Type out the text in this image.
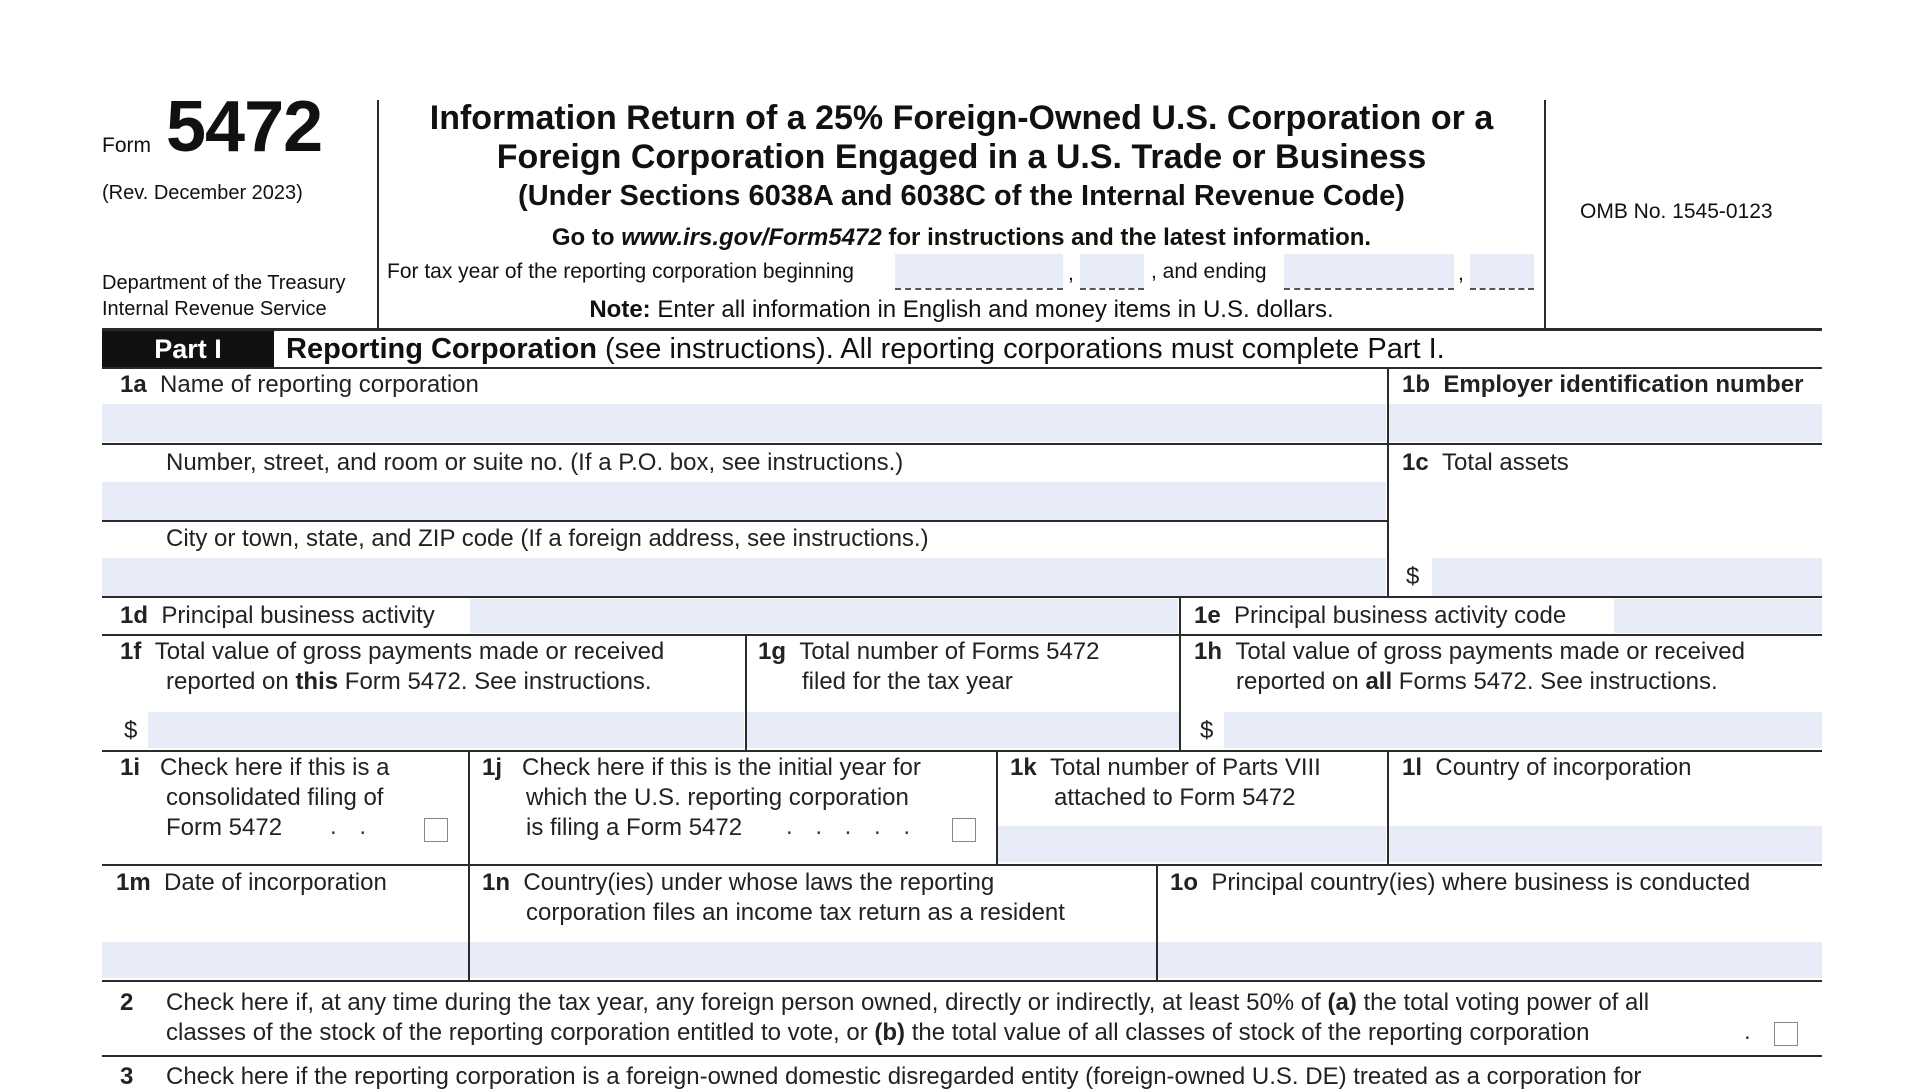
Form 5472
(Rev. December 2023)
Department of the Treasury
Internal Revenue Service
Information Return of a 25% Foreign-Owned U.S. Corporation or a
Foreign Corporation Engaged in a U.S. Trade or Business
(Under Sections 6038A and 6038C of the Internal Revenue Code)
Go to www.irs.gov/Form5472 for instructions and the latest information.
For tax year of the reporting corporation beginning	,	, and ending	,
Note: Enter all information in English and money items in U.S. dollars.
OMB No. 1545-0123
Part I	Reporting Corporation (see instructions). All reporting corporations must complete Part I.
1a Name of reporting corporation	1b Employer identification number
Number, street, and room or suite no. (If a P.O. box, see instructions.)	1c Total assets
$
City or town, state, and ZIP code (If a foreign address, see instructions.)
1d Principal business activity	1e Principal business activity code
1f Total value of gross payments made or received
reported on this Form 5472. See instructions.
$
1g Total number of Forms 5472
filed for the tax year
1h Total value of gross payments made or received
reported on all Forms 5472. See instructions.
$
1i Check here if this is a
consolidated filing of
Form 5472 . .
1j Check here if this is the initial year for
which the U.S. reporting corporation
is filing a Form 5472 . . . . .
1k Total number of Parts VIII
attached to Form 5472
1l Country of incorporation
1m Date of incorporation	1n Country(ies) under whose laws the reporting
corporation files an income tax return as a resident
1o Principal country(ies) where business is conducted
2 Check here if, at any time during the tax year, any foreign person owned, directly or indirectly, at least 50% of (a) the total voting power of all
classes of the stock of the reporting corporation entitled to vote, or (b) the total value of all classes of stock of the reporting corporation	.
3 Check here if the reporting corporation is a foreign-owned domestic disregarded entity (foreign-owned U.S. DE) treated as a corporation for
